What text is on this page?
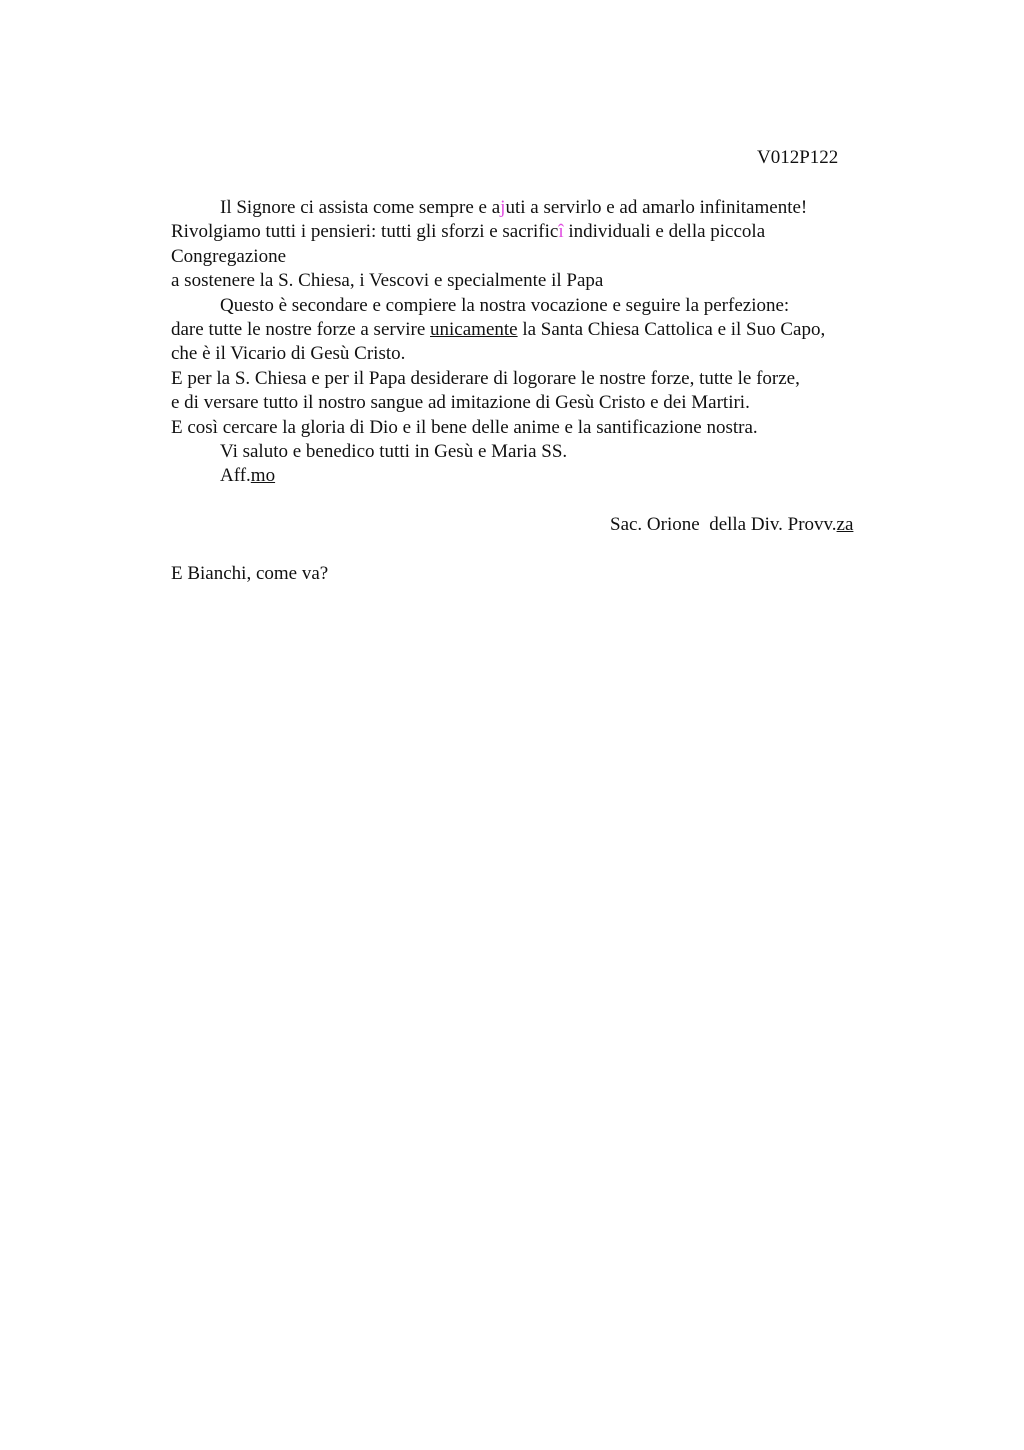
V012P122
Il Signore ci assista come sempre e ajuti a servirlo e ad amarlo infinitamente!
Rivolgiamo tutti i pensieri: tutti gli sforzi e sacrificî individuali e della piccola
Congregazione
a sostenere la S. Chiesa, i Vescovi e specialmente il Papa
Questo è secondare e compiere la nostra vocazione e seguire la perfezione:
dare tutte le nostre forze a servire unicamente la Santa Chiesa Cattolica e il Suo Capo,
che è il Vicario di Gesù Cristo.
E per la S. Chiesa e per il Papa desiderare di logorare le nostre forze, tutte le forze,
e di versare tutto il nostro sangue ad imitazione di Gesù Cristo e dei Martiri.
E così cercare la gloria di Dio e il bene delle anime e la santificazione nostra.
Vi saluto e benedico tutti in Gesù e Maria SS.
Aff.mo
Sac. Orione  della Div. Provv.za
E Bianchi, come va?
